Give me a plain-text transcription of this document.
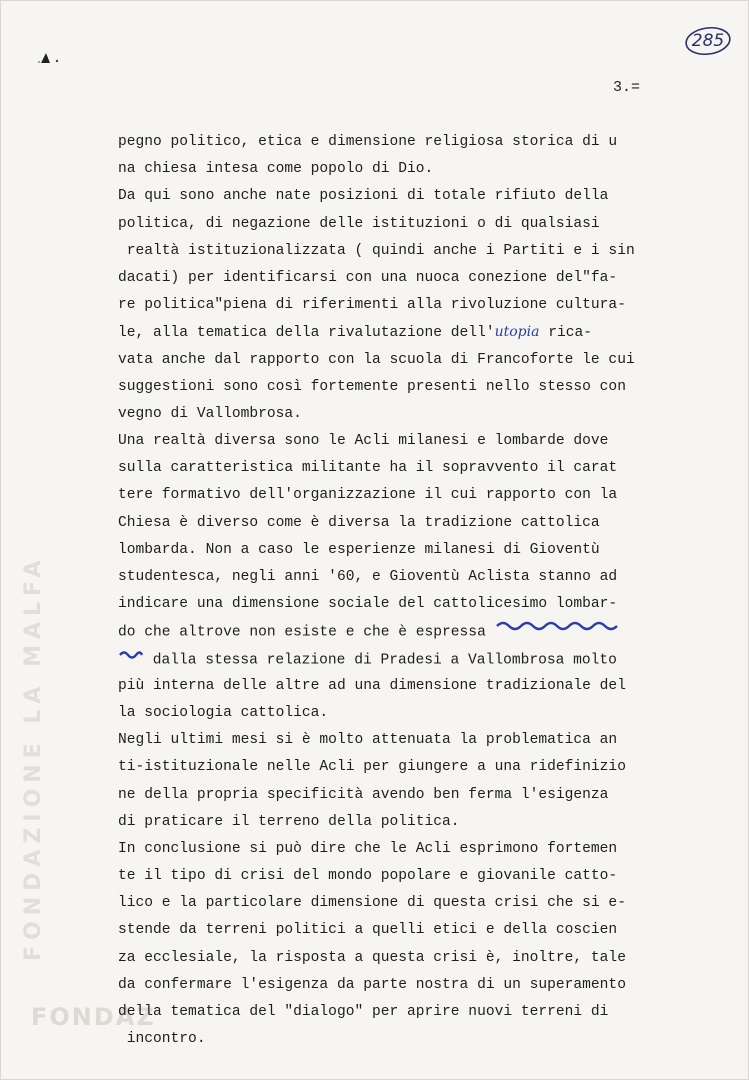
FONDAZIONE LA MALFA
FONDAZ
285
3.=
pegno politico, etica e dimensione religiosa storica di u
na chiesa intesa come popolo di Dio.
Da qui sono anche nate posizioni di totale rifiuto della
politica, di negazione delle istituzioni o di qualsiasi
realtà istituzionalizzata ( quindi anche i Partiti e i sin
dacati) per identificarsi con una nuoca conezione del"fa-
re politica"piena di riferimenti alla rivoluzione cultura-
le, alla tematica della rivalutazione dell'utopia rica-
vata anche dal rapporto con la scuola di Francoforte le cui
suggestioni sono così fortemente presenti nello stesso con
vegno di Vallombrosa.
Una realtà diversa sono le Acli milanesi e lombarde dove
sulla caratteristica militante ha il sopravvento il carat
tere formativo dell'organizzazione il cui rapporto con la
Chiesa è diverso come è diversa la tradizione cattolica
lombarda. Non a caso le esperienze milanesi di Gioventù
studentesca, negli anni '60, e Gioventù Aclista stanno ad
indicare una dimensione sociale del cattolicesimo lombar-
do che altrove non esiste e che è espressa
dalla stessa relazione di Pradesi a Vallombrosa molto
più interna delle altre ad una dimensione tradizionale del
la sociologia cattolica.
Negli ultimi mesi si è molto attenuata la problematica an
ti-istituzionale nelle Acli per giungere a una ridefinizio
ne della propria specificità avendo ben ferma l'esigenza
di praticare il terreno della politica.
In conclusione si può dire che le Acli esprimono fortemen
te il tipo di crisi del mondo popolare e giovanile catto-
lico e la particolare dimensione di questa crisi che si e-
stende da terreni politici a quelli etici e della coscien
za ecclesiale, la risposta a questa crisi è, inoltre, tale
da confermare l'esigenza da parte nostra di un superamento
della tematica del "dialogo" per aprire nuovi terreni di
incontro.
